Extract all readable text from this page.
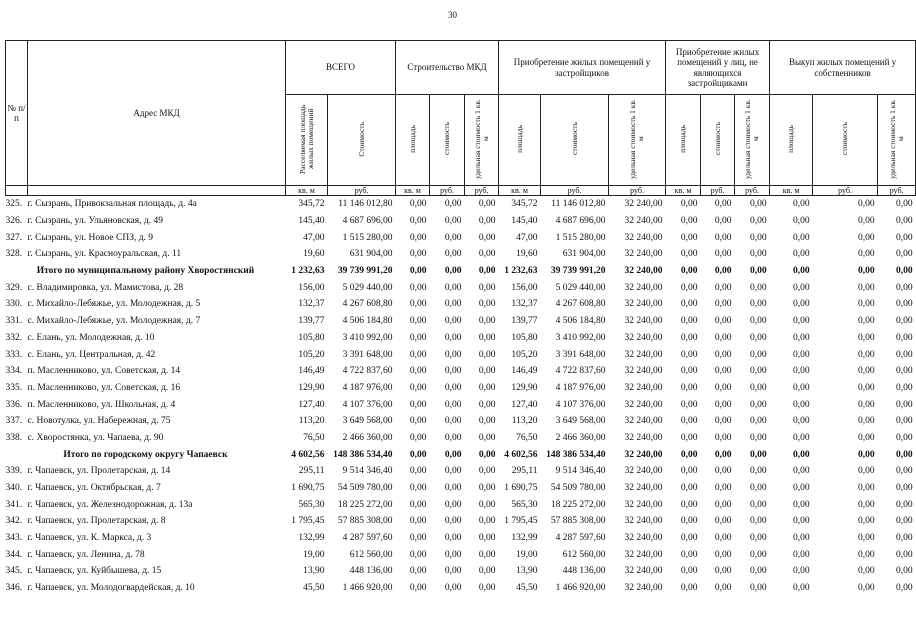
30
№ п/п	Адрес МКД	ВСЕГО		Строительство МКД			Приобретение жилых помещений у застройщиков			Приобретение жилых помещений у лиц, не являющихся застройщиками			Выкуп жилых помещений у собственников		
		Расселяемая площадь жилых помещений	Стоимость	площадь	стоимость	удельная стоимость 1 кв. м	площадь	стоимость	удельная стоимость 1 кв. м	площадь	стоимость	удельная стоимость 1 кв. м	площадь	стоимость	удельная стоимость 1 кв. м
		кв. м	руб.	кв. м	руб.	руб.	кв. м	руб.	руб.	кв. м	руб.	руб.	кв. м	руб.	руб.
325.	г. Сызрань, Привокзальная площадь, д. 4а	345,72	11 146 012,80	0,00	0,00	0,00	345,72	11 146 012,80	32 240,00	0,00	0,00	0,00	0,00	0,00	0,00
326.	г. Сызрань, ул. Ульяновская, д. 49	145,40	4 687 696,00	0,00	0,00	0,00	145,40	4 687 696,00	32 240,00	0,00	0,00	0,00	0,00	0,00	0,00
327.	г. Сызрань, ул. Новое СПЗ, д. 9	47,00	1 515 280,00	0,00	0,00	0,00	47,00	1 515 280,00	32 240,00	0,00	0,00	0,00	0,00	0,00	0,00
328.	г. Сызрань, ул. Красноуральская, д. 11	19,60	631 904,00	0,00	0,00	0,00	19,60	631 904,00	32 240,00	0,00	0,00	0,00	0,00	0,00	0,00
Итого по муниципальному району Хворостянский		1 232,63	39 739 991,20	0,00	0,00	0,00	1 232,63	39 739 991,20	32 240,00	0,00	0,00	0,00	0,00	0,00	0,00
329.	с. Владимировка, ул. Мамистова, д. 28	156,00	5 029 440,00	0,00	0,00	0,00	156,00	5 029 440,00	32 240,00	0,00	0,00	0,00	0,00	0,00	0,00
330.	с. Михайло-Лебяжье, ул. Молодежная, д. 5	132,37	4 267 608,80	0,00	0,00	0,00	132,37	4 267 608,80	32 240,00	0,00	0,00	0,00	0,00	0,00	0,00
331.	с. Михайло-Лебяжье, ул. Молодежная, д. 7	139,77	4 506 184,80	0,00	0,00	0,00	139,77	4 506 184,80	32 240,00	0,00	0,00	0,00	0,00	0,00	0,00
332.	с. Елань, ул. Молодежная, д. 10	105,80	3 410 992,00	0,00	0,00	0,00	105,80	3 410 992,00	32 240,00	0,00	0,00	0,00	0,00	0,00	0,00
333.	с. Елань, ул. Центральная, д. 42	105,20	3 391 648,00	0,00	0,00	0,00	105,20	3 391 648,00	32 240,00	0,00	0,00	0,00	0,00	0,00	0,00
334.	п. Масленниково, ул. Советская, д. 14	146,49	4 722 837,60	0,00	0,00	0,00	146,49	4 722 837,60	32 240,00	0,00	0,00	0,00	0,00	0,00	0,00
335.	п. Масленниково, ул. Советская, д. 16	129,90	4 187 976,00	0,00	0,00	0,00	129,90	4 187 976,00	32 240,00	0,00	0,00	0,00	0,00	0,00	0,00
336.	п. Масленниково, ул. Школьная, д. 4	127,40	4 107 376,00	0,00	0,00	0,00	127,40	4 107 376,00	32 240,00	0,00	0,00	0,00	0,00	0,00	0,00
337.	с. Новотулка, ул. Набережная, д. 75	113,20	3 649 568,00	0,00	0,00	0,00	113,20	3 649 568,00	32 240,00	0,00	0,00	0,00	0,00	0,00	0,00
338.	с. Хворостянка, ул. Чапаева, д. 90	76,50	2 466 360,00	0,00	0,00	0,00	76,50	2 466 360,00	32 240,00	0,00	0,00	0,00	0,00	0,00	0,00
Итого по городскому округу Чапаевск		4 602,56	148 386 534,40	0,00	0,00	0,00	4 602,56	148 386 534,40	32 240,00	0,00	0,00	0,00	0,00	0,00	0,00
339.	г. Чапаевск, ул. Пролетарская, д. 14	295,11	9 514 346,40	0,00	0,00	0,00	295,11	9 514 346,40	32 240,00	0,00	0,00	0,00	0,00	0,00	0,00
340.	г. Чапаевск, ул. Октябрьская, д. 7	1 690,75	54 509 780,00	0,00	0,00	0,00	1 690,75	54 509 780,00	32 240,00	0,00	0,00	0,00	0,00	0,00	0,00
341.	г. Чапаевск, ул. Железнодорожная, д. 13а	565,30	18 225 272,00	0,00	0,00	0,00	565,30	18 225 272,00	32 240,00	0,00	0,00	0,00	0,00	0,00	0,00
342.	г. Чапаевск, ул. Пролетарская, д. 8	1 795,45	57 885 308,00	0,00	0,00	0,00	1 795,45	57 885 308,00	32 240,00	0,00	0,00	0,00	0,00	0,00	0,00
343.	г. Чапаевск, ул. К. Маркса, д. 3	132,99	4 287 597,60	0,00	0,00	0,00	132,99	4 287 597,60	32 240,00	0,00	0,00	0,00	0,00	0,00	0,00
344.	г. Чапаевск, ул. Ленина, д. 78	19,00	612 560,00	0,00	0,00	0,00	19,00	612 560,00	32 240,00	0,00	0,00	0,00	0,00	0,00	0,00
345.	г. Чапаевск, ул. Куйбышева, д. 15	13,90	448 136,00	0,00	0,00	0,00	13,90	448 136,00	32 240,00	0,00	0,00	0,00	0,00	0,00	0,00
346.	г. Чапаевск, ул. Молодогвардейская, д. 10	45,50	1 466 920,00	0,00	0,00	0,00	45,50	1 466 920,00	32 240,00	0,00	0,00	0,00	0,00	0,00	0,00
